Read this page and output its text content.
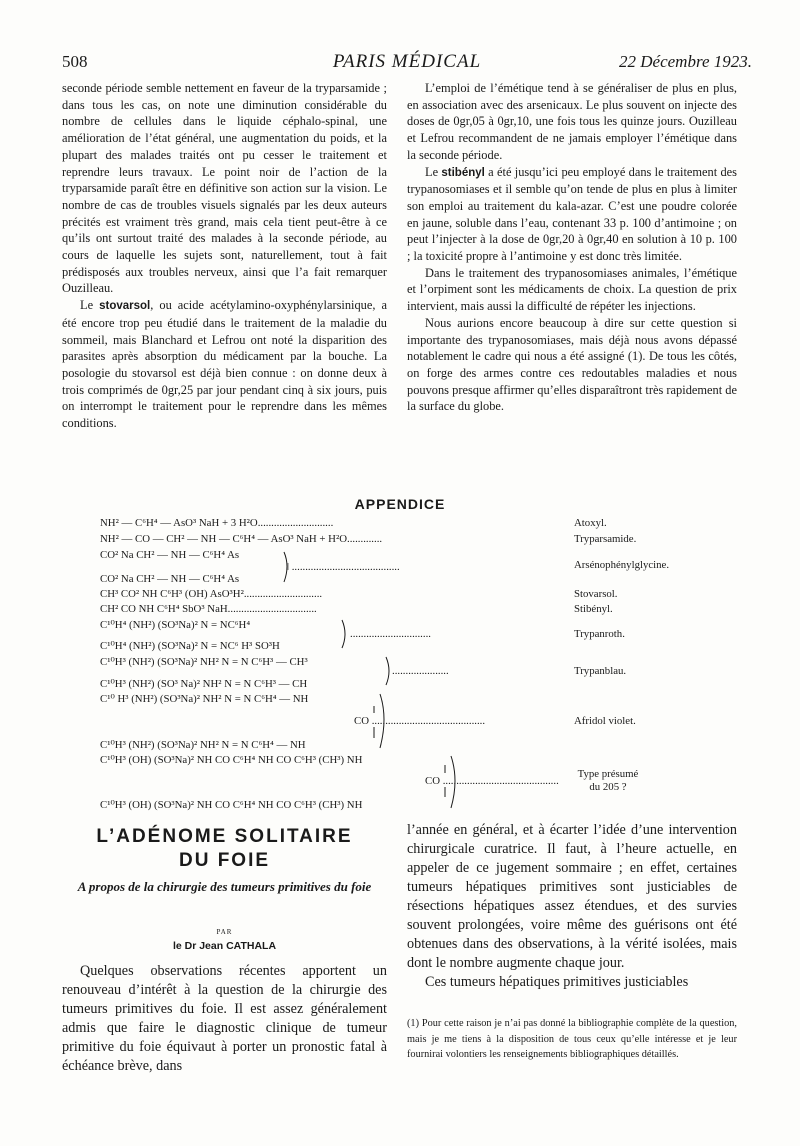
508	PARIS MÉDICAL	22 Décembre 1923.

seconde période semble nettement en faveur de la tryparsamide ; dans tous les cas, on note une diminution considérable du nombre de cellules dans le liquide céphalo-spinal, une amélioration de l’état général, une augmentation du poids, et la plupart des malades traités ont pu cesser le traitement et reprendre leurs travaux. Le point noir de l’action de la tryparsamide paraît être en définitive son action sur la vision. Le nombre de cas de troubles visuels signalés par les deux auteurs précités est vraiment très grand, mais cela tient peut-être à ce qu’ils ont surtout traité des malades à la seconde période, au cours de laquelle les sujets sont, naturellement, tout à fait prédisposés aux troubles nerveux, ainsi que l’a fait remarquer Ouzilleau.

Le stovarsol, ou acide acétylamino-oxyphénylarsinique, a été encore trop peu étudié dans le traitement de la maladie du sommeil, mais Blanchard et Lefrou ont noté la disparition des parasites après absorption du médicament par la bouche. La posologie du stovarsol est déjà bien connue : on donne deux à trois comprimés de 0gr,25 par jour pendant cinq à six jours, puis on interrompt le traitement pour le reprendre dans les mêmes conditions.

L’emploi de l’émétique tend à se généraliser de plus en plus, en association avec des arsenicaux. Le plus souvent on injecte des doses de 0gr,05 à 0gr,10, une fois tous les quinze jours. Ouzilleau et Lefrou recommandent de ne jamais employer l’émétique dans la seconde période.

Le stibényl a été jusqu’ici peu employé dans le traitement des trypanosomiases et il semble qu’on tende de plus en plus à limiter son emploi au traitement du kala-azar. C’est une poudre colorée en jaune, soluble dans l’eau, contenant 33 p. 100 d’antimoine ; on peut l’injecter à la dose de 0gr,20 à 0gr,40 en solution à 10 p. 100 ; la toxicité propre à l’antimoine y est donc très limitée.

Dans le traitement des trypanosomiases animales, l’émétique et l’orpiment sont les médicaments de choix. La question de prix intervient, mais aussi la difficulté de répéter les injections.

Nous aurions encore beaucoup à dire sur cette question si importante des trypanosomiases, mais déjà nous avons dépassé notablement le cadre qui nous a été assigné (1). De tous les côtés, on forge des armes contre ces redoutables maladies et nous pouvons presque affirmer qu’elles disparaîtront très rapidement de la surface du globe.

APPENDICE
NH² — C⁶H⁴ — AsO³ NaH + 3 H²O............................
NH² — CO — CH² — NH — C⁶H⁴ — AsO³ NaH + H²O.............
CO² Na CH² — NH — C⁶H⁴ As
‖ ........................................
CO² Na CH² — NH — C⁶H⁴ As
CH³ CO² NH C⁶H³ (OH) AsO³H².............................
CH² CO NH C⁶H⁴ SbO³ NaH.................................
C¹⁰H⁴ (NH²) (SO³Na)² N = NC⁶H⁴
..............................
C¹⁰H⁴ (NH²) (SO³Na)² N = NC⁶ H³ SO³H
C¹⁰H³ (NH²) (SO³Na)² NH² N = N C⁶H³ — CH³
.....................
C¹⁰H³ (NH²) (SO³ Na)² NH² N = N C⁶H³ — CH
C¹⁰ H³ (NH²) (SO³Na)² NH² N = N C⁶H⁴ — NH
CO ..........................................
C¹⁰H³ (NH²) (SO³Na)² NH² N = N C⁶H⁴ — NH
C¹⁰H³ (OH) (SO³Na)² NH CO C⁶H⁴ NH CO C⁶H³ (CH³) NH
CO ...........................................
C¹⁰H³ (OH) (SO³Na)² NH CO C⁶H⁴ NH CO C⁶H³ (CH³) NH
Atoxyl.
Tryparsamide.
Arsénophénylglycine.
Stovarsol.
Stibényl.
Trypanroth.
Trypanblau.
Afridol violet.
Type présumé
du 205 ?
L’ADÉNOME SOLITAIRE
DU FOIE
A propos de la chirurgie des tumeurs primitives du foie
PAR
le Dr Jean CATHALA

Quelques observations récentes apportent un renouveau d’intérêt à la question de la chirurgie des tumeurs primitives du foie. Il est assez généralement admis que faire le diagnostic clinique de tumeur primitive du foie équivaut à porter un pronostic fatal à échéance brève, dans

l’année en général, et à écarter l’idée d’une intervention chirurgicale curatrice. Il faut, à l’heure actuelle, en appeler de ce jugement sommaire ; en effet, certaines tumeurs hépatiques primitives sont justiciables de résections hépatiques assez étendues, et des survies souvent prolongées, voire même des guérisons ont été obtenues dans des observations, à la vérité isolées, mais dont le nombre augmente chaque jour.

Ces tumeurs hépatiques primitives justiciables

(1) Pour cette raison je n’ai pas donné la bibliographie complète de la question, mais je me tiens à la disposition de tous ceux qu’elle intéresse et je leur fournirai volontiers les renseignements bibliographiques détaillés.
